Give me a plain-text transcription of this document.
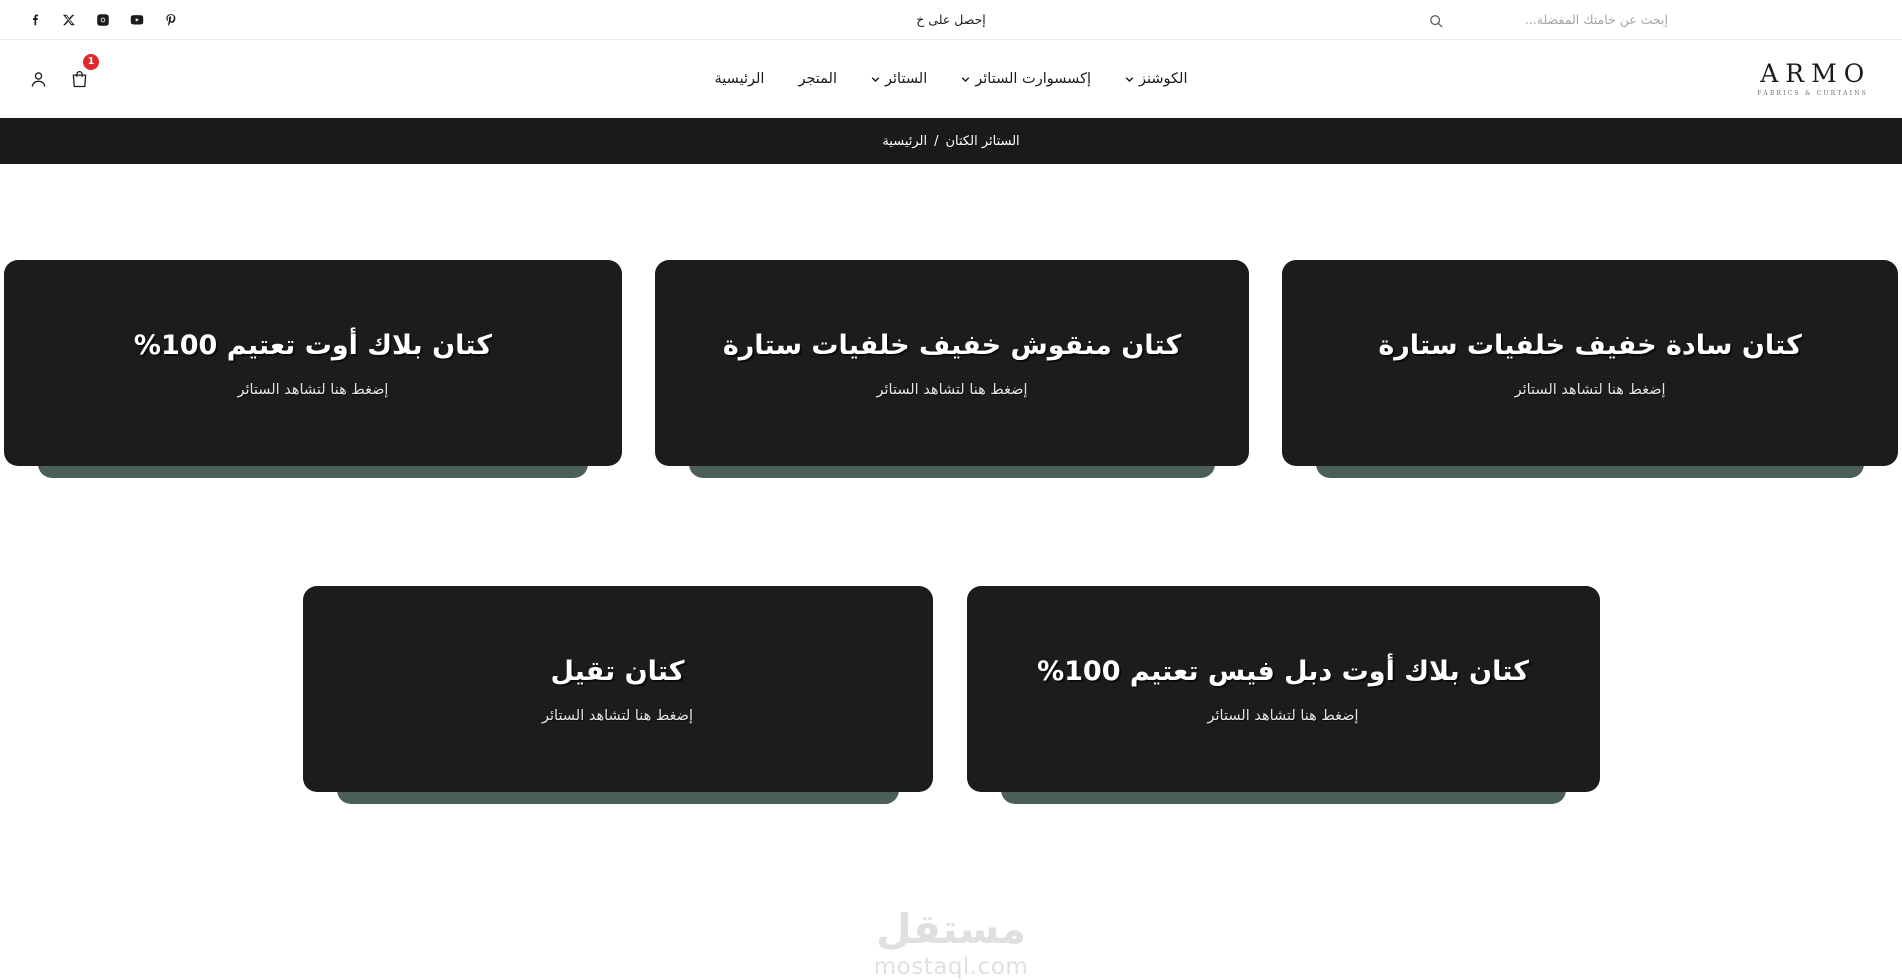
إبحث عن خامتك المفضلة...
إحصل على خ
ARMO
FABRICS & CURTAINS
الكوشنز
إكسسوارت الستائر
الستائر
المتجر
الرئيسية
1
الستائر الكتان
/
الرئيسية
كتان سادة خفيف خلفيات ستارة
إضغط هنا لتشاهد الستائر
كتان منقوش خفيف خلفيات ستارة
إضغط هنا لتشاهد الستائر
كتان بلاك أوت تعتيم 100%
إضغط هنا لتشاهد الستائر
كتان بلاك أوت دبل فيس تعتيم 100%
إضغط هنا لتشاهد الستائر
كتان تقيل
إضغط هنا لتشاهد الستائر
مستقل
mostaql.com
